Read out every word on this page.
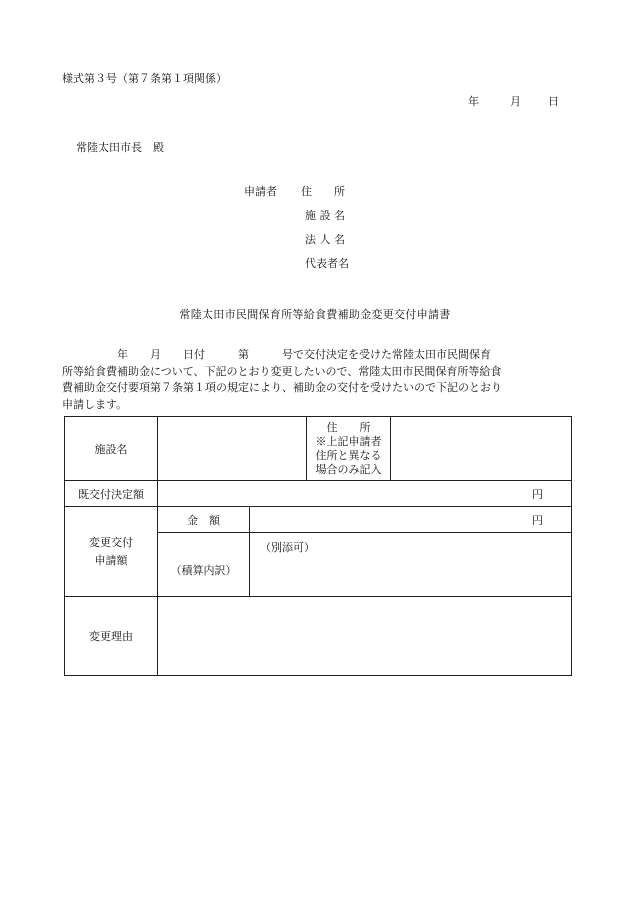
様式第３号（第７条第１項関係）
年	月 日
常陸太田市長　殿
申請者 住　　所
施 設 名
法 人 名
代表者名
常陸太田市民間保育所等給食費補助金変更交付申請書

　　　　　年　　月　　日付　　　第　　　号で交付決定を受けた常陸太田市民間保育

所等給食費補助金について、下記のとおり変更したいので、常陸太田市民間保育所等給食

費補助金交付要項第７条第１項の規定により、補助金の交付を受けたいので下記のとおり

申請します。

施設名			住　　所
※上記申請者
住所と異なる
場合のみ記入	

既交付決定額	円			

変更交付
申請額	金　額	円		
	（積算内訳）	（別添可）		
変更理由				
